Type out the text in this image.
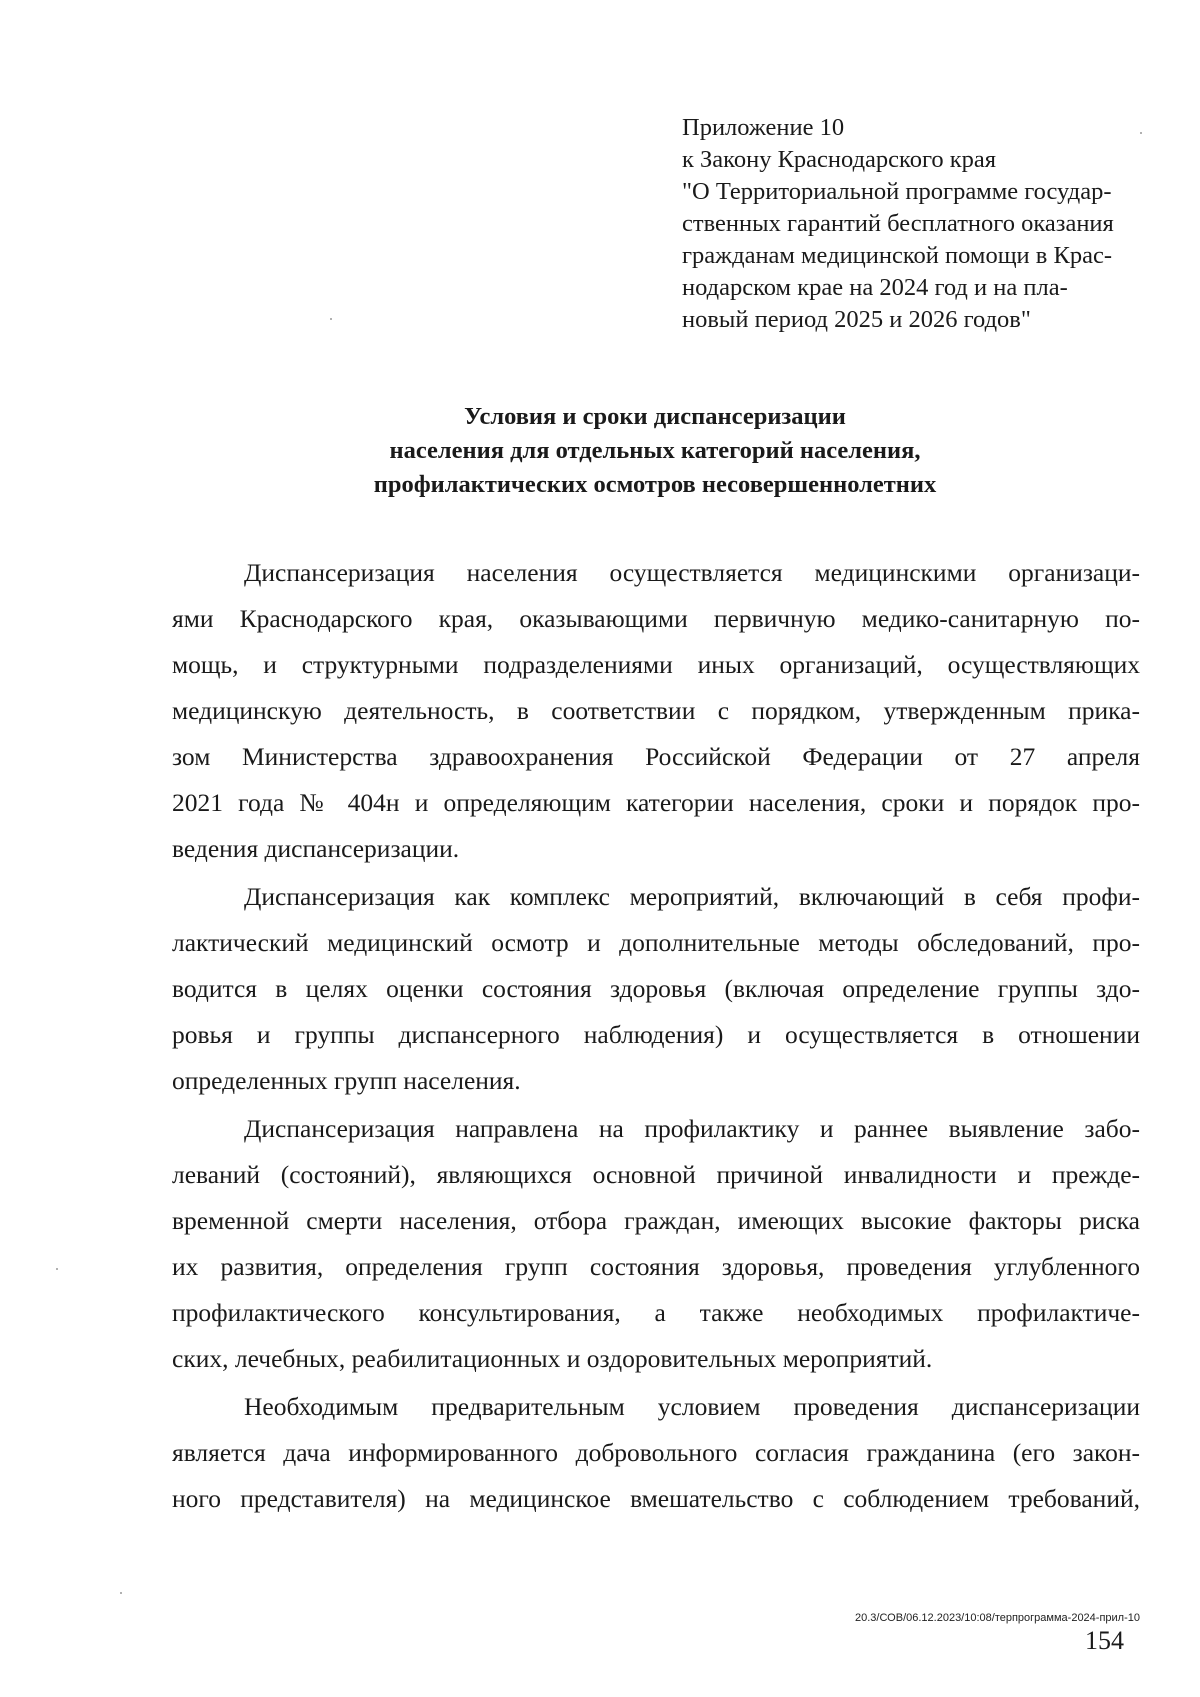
Приложение 10
к Закону Краснодарского края
"О Территориальной программе государ-
ственных гарантий бесплатного оказания
гражданам медицинской помощи в Крас-
нодарском крае на 2024 год и на пла-
новый период 2025 и 2026 годов"
Условия и сроки диспансеризации
населения для отдельных категорий населения,
профилактических осмотров несовершеннолетних
Диспансеризация населения осуществляется медицинскими организаци-
ями Краснодарского края, оказывающими первичную медико-санитарную по-
мощь, и структурными подразделениями иных организаций, осуществляющих
медицинскую деятельность, в соответствии с порядком, утвержденным прика-
зом Министерства здравоохранения Российской Федерации от 27 апреля
2021 года № 404н и определяющим категории населения, сроки и порядок про-
ведения диспансеризации.
Диспансеризация как комплекс мероприятий, включающий в себя профи-
лактический медицинский осмотр и дополнительные методы обследований, про-
водится в целях оценки состояния здоровья (включая определение группы здо-
ровья и группы диспансерного наблюдения) и осуществляется в отношении
определенных групп населения.
Диспансеризация направлена на профилактику и раннее выявление забо-
леваний (состояний), являющихся основной причиной инвалидности и прежде-
временной смерти населения, отбора граждан, имеющих высокие факторы риска
их развития, определения групп состояния здоровья, проведения углубленного
профилактического консультирования, а также необходимых профилактиче-
ских, лечебных, реабилитационных и оздоровительных мероприятий.
Необходимым предварительным условием проведения диспансеризации
является дача информированного добровольного согласия гражданина (его закон-
ного представителя) на медицинское вмешательство с соблюдением требований,
20.3/СОВ/06.12.2023/10:08/терпрограмма-2024-прил-10
154
